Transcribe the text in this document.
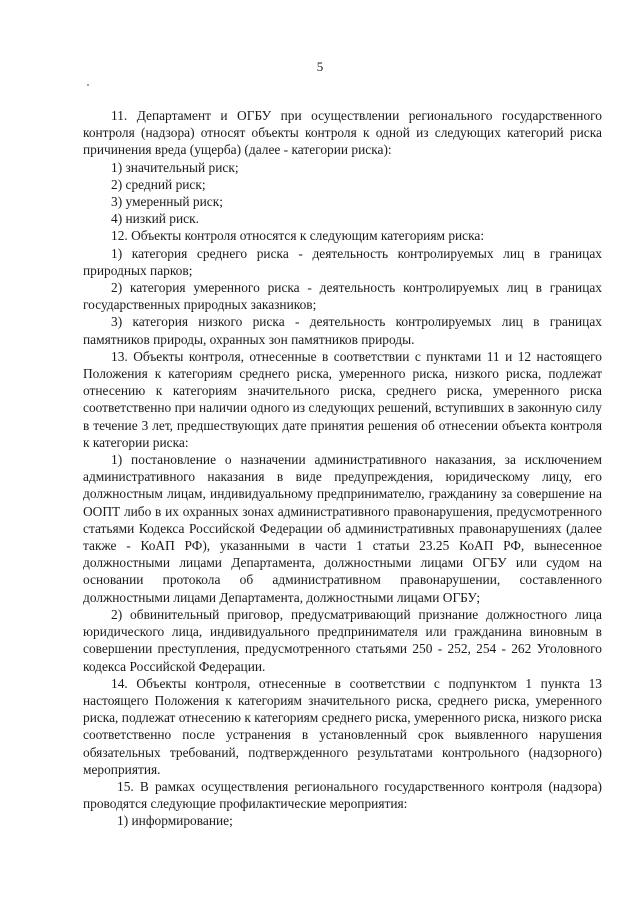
5

11. Департамент и ОГБУ при осуществлении регионального государственного контроля (надзора) относят объекты контроля к одной из следующих категорий риска причинения вреда (ущерба) (далее - категории риска):

1) значительный риск;

2) средний риск;

3) умеренный риск;

4) низкий риск.

12. Объекты контроля относятся к следующим категориям риска:

1) категория среднего риска - деятельность контролируемых лиц в границах природных парков;

2) категория умеренного риска - деятельность контролируемых лиц в границах государственных природных заказников;

3) категория низкого риска - деятельность контролируемых лиц в границах памятников природы, охранных зон памятников природы.

13. Объекты контроля, отнесенные в соответствии с пунктами 11 и 12 настоящего Положения к категориям среднего риска, умеренного риска, низкого риска, подлежат отнесению к категориям значительного риска, среднего риска, умеренного риска соответственно при наличии одного из следующих решений, вступивших в законную силу в течение 3 лет, предшествующих дате принятия решения об отнесении объекта контроля к категории риска:

1) постановление о назначении административного наказания, за исключением административного наказания в виде предупреждения, юридическому лицу, его должностным лицам, индивидуальному предпринимателю, гражданину за совершение на ООПТ либо в их охранных зонах административного правонарушения, предусмотренного статьями Кодекса Российской Федерации об административных правонарушениях (далее также - КоАП РФ), указанными в части 1 статьи 23.25 КоАП РФ, вынесенное должностными лицами Департамента, должностными лицами ОГБУ или судом на основании протокола об административном правонарушении, составленного должностными лицами Департамента, должностными лицами ОГБУ;

2) обвинительный приговор, предусматривающий признание должностного лица юридического лица, индивидуального предпринимателя или гражданина виновным в совершении преступления, предусмотренного статьями 250 - 252, 254 - 262 Уголовного кодекса Российской Федерации.

14. Объекты контроля, отнесенные в соответствии с подпунктом 1 пункта 13 настоящего Положения к категориям значительного риска, среднего риска, умеренного риска, подлежат отнесению к категориям среднего риска, умеренного риска, низкого риска соответственно после устранения в установленный срок выявленного нарушения обязательных требований, подтвержденного результатами контрольного (надзорного) мероприятия.

15. В рамках осуществления регионального государственного контроля (надзора) проводятся следующие профилактические мероприятия:

1) информирование;
